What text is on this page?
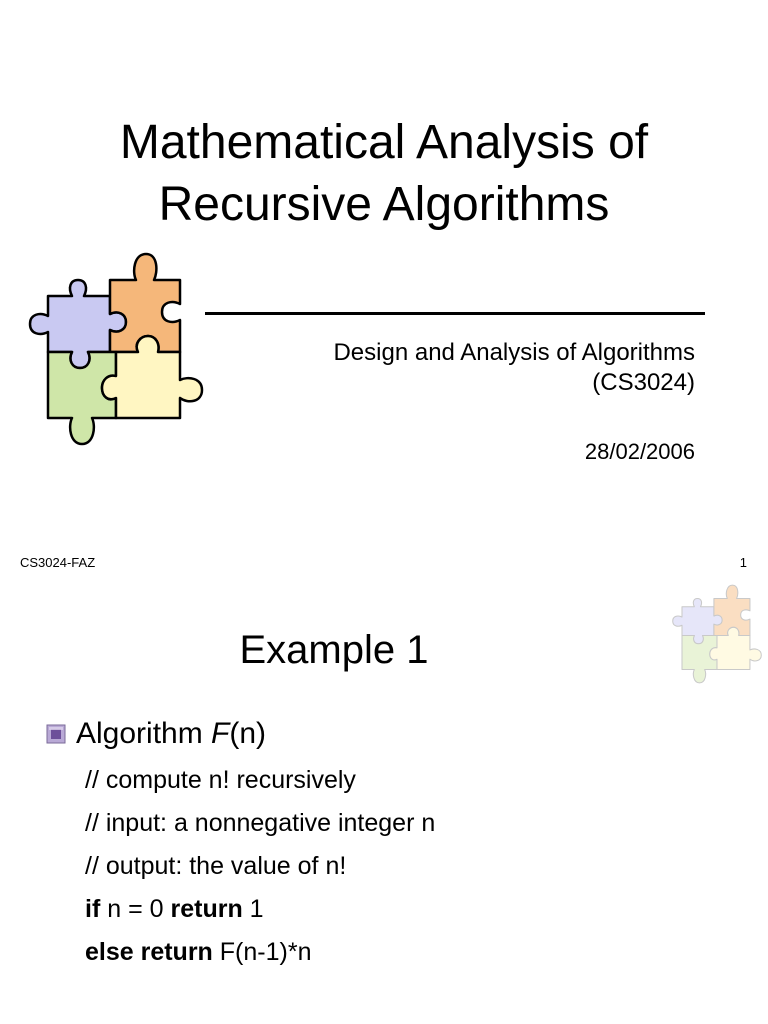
Mathematical Analysis of
Recursive Algorithms
Design and Analysis of Algorithms
(CS3024)
28/02/2006
CS3024-FAZ	1
Example 1
Algorithm F(n)
// compute n! recursively
// input: a nonnegative integer n
// output: the value of n!
if n = 0 return 1
else return F(n-1)*n
